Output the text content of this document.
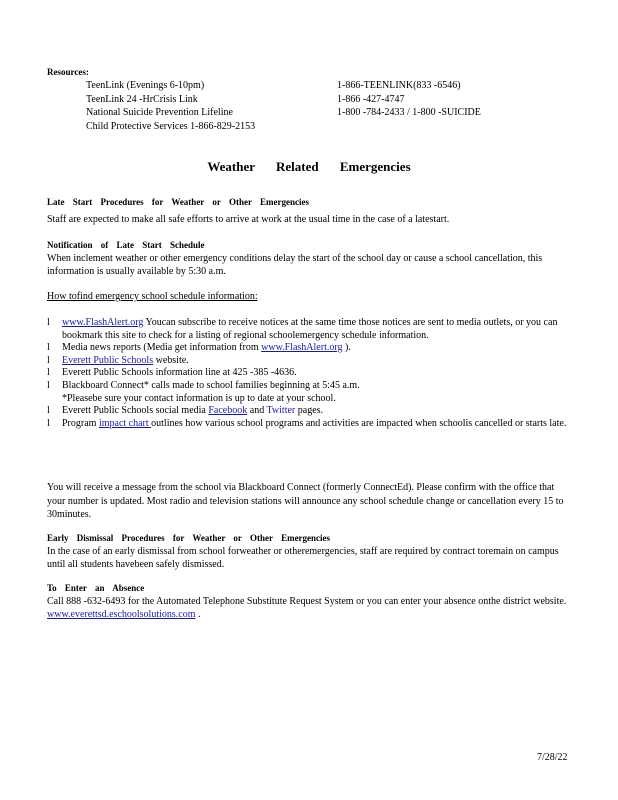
Resources:
TeenLink (Evenings 6-10pm)	1-866-TEENLINK(833 -6546)
TeenLink 24 -HrCrisis Link	1-866 -427-4747
National Suicide Prevention Lifeline	1-800 -784-2433 / 1-800 -SUICIDE
Child Protective Services 1-866-829-2153
Weather Related Emergencies
Late Start Procedures for Weather or Other Emergencies
Staff are expected to make all safe efforts to arrive at work at the usual time in the case of a latestart.
Notification of Late Start Schedule
When inclement weather or other emergency conditions delay the start of the school day or cause a school cancellation, this information is usually available by 5:30 a.m.
How tofind emergency school schedule information:
l www.FlashAlert.org Youcan subscribe to receive notices at the same time those notices are sent to media outlets, or you can bookmark this site to check for a listing of regional schoolemergency schedule information.
l Media news reports (Media get information from www.FlashAlert.org ).
l Everett Public Schools website.
l Everett Public Schools information line at 425 -385 -4636.
l Blackboard Connect* calls made to school families beginning at 5:45 a.m.
*Pleasebe sure your contact information is up to date at your school.
l Everett Public Schools social media Facebook and Twitter pages.
l Program impact chart outlines how various school programs and activities are impacted when schoolis cancelled or starts late.
You will receive a message from the school via Blackboard Connect (formerly ConnectEd). Please confirm with the office that your number is updated. Most radio and television stations will announce any school schedule change or cancellation every 15 to 30minutes.
Early Dismissal Procedures for Weather or Other Emergencies
In the case of an early dismissal from school forweather or otheremergencies, staff are required by contract toremain on campus until all students havebeen safely dismissed.
To Enter an Absence
Call 888 -632-6493 for the Automated Telephone Substitute Request System or you can enter your absence onthe district website. www.everettsd.eschoolsolutions.com .
7/28/22
